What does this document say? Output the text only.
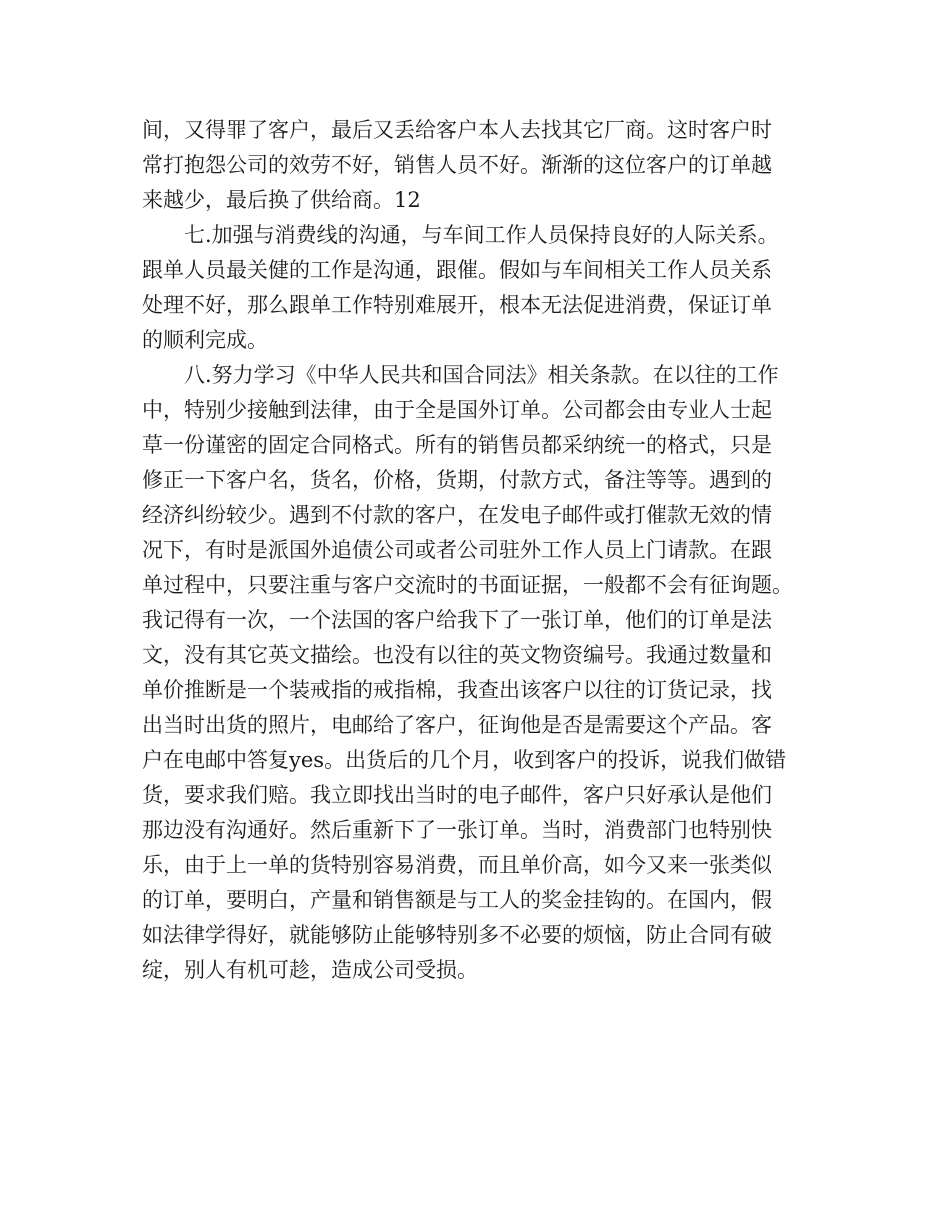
间，又得罪了客户，最后又丢给客户本人去找其它厂商。这时客户时
常打抱怨公司的效劳不好，销售人员不好。渐渐的这位客户的订单越
来越少，最后换了供给商。12
七.加强与消费线的沟通，与车间工作人员保持良好的人际关系。
跟单人员最关健的工作是沟通，跟催。假如与车间相关工作人员关系
处理不好，那么跟单工作特别难展开，根本无法促进消费，保证订单
的顺利完成。
八.努力学习《中华人民共和国合同法》相关条款。在以往的工作
中，特别少接触到法律，由于全是国外订单。公司都会由专业人士起
草一份谨密的固定合同格式。所有的销售员都采纳统一的格式，只是
修正一下客户名，货名，价格，货期，付款方式，备注等等。遇到的
经济纠纷较少。遇到不付款的客户，在发电子邮件或打催款无效的情
况下，有时是派国外追债公司或者公司驻外工作人员上门请款。在跟
单过程中，只要注重与客户交流时的书面证据，一般都不会有征询题。
我记得有一次，一个法国的客户给我下了一张订单，他们的订单是法
文，没有其它英文描绘。也没有以往的英文物资编号。我通过数量和
单价推断是一个装戒指的戒指棉，我查出该客户以往的订货记录，找
出当时出货的照片，电邮给了客户，征询他是否是需要这个产品。客
户在电邮中答复yes。出货后的几个月，收到客户的投诉，说我们做错
货，要求我们赔。我立即找出当时的电子邮件，客户只好承认是他们
那边没有沟通好。然后重新下了一张订单。当时，消费部门也特别快
乐，由于上一单的货特别容易消费，而且单价高，如今又来一张类似
的订单，要明白，产量和销售额是与工人的奖金挂钩的。在国内，假
如法律学得好，就能够防止能够特别多不必要的烦恼，防止合同有破
绽，别人有机可趁，造成公司受损。
